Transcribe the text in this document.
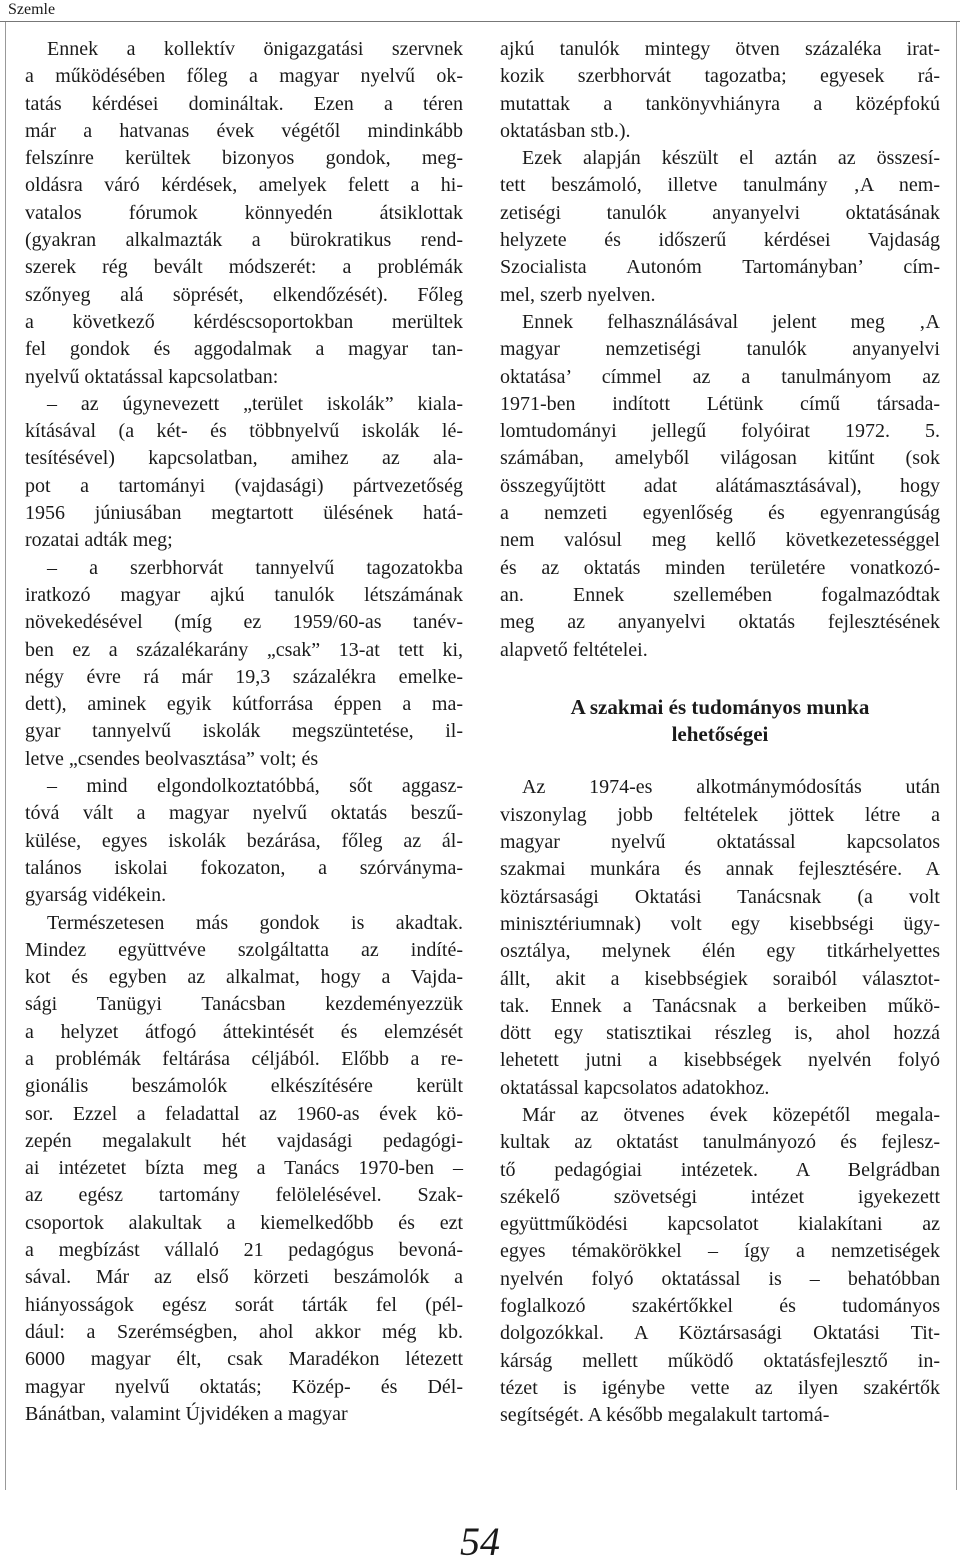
Szemle

Ennek a kollektív önigazgatási szervnek
a működésében főleg a magyar nyelvű ok-
tatás kérdései domináltak. Ezen a téren
már a hatvanas évek végétől mindinkább
felszínre kerültek bizonyos gondok, meg-
oldásra váró kérdések, amelyek felett a hi-
vatalos fórumok könnyedén átsiklottak
(gyakran alkalmazták a bürokratikus rend-
szerek rég bevált módszerét: a problémák
szőnyeg alá söprését, elkendőzését). Főleg
a következő kérdéscsoportokban merültek
fel gondok és aggodalmak a magyar tan-
nyelvű oktatással kapcsolatban:

– az úgynevezett „terület iskolák” kiala-
kításával (a két- és többnyelvű iskolák lé-
tesítésével) kapcsolatban, amihez az ala-
pot a tartományi (vajdasági) pártvezetőség
1956 júniusában megtartott ülésének hatá-
rozatai adták meg;

– a szerbhorvát tannyelvű tagozatokba
iratkozó magyar ajkú tanulók létszámának
növekedésével (míg ez 1959/60-as tanév-
ben ez a százalékarány „csak” 13-at tett ki,
négy évre rá már 19,3 százalékra emelke-
dett), aminek egyik kútforrása éppen a ma-
gyar tannyelvű iskolák megszüntetése, il-
letve „csendes beolvasztása” volt; és

– mind elgondolkoztatóbbá, sőt aggasz-
tóvá vált a magyar nyelvű oktatás beszű-
külése, egyes iskolák bezárása, főleg az ál-
talános iskolai fokozaton, a szórványma-
gyarság vidékein.

Természetesen más gondok is akadtak.
Mindez együttvéve szolgáltatta az indíté-
kot és egyben az alkalmat, hogy a Vajda-
sági Tanügyi Tanácsban kezdeményezzük
a helyzet átfogó áttekintését és elemzését
a problémák feltárása céljából. Előbb a re-
gionális beszámolók elkészítésére került
sor. Ezzel a feladattal az 1960-as évek kö-
zepén megalakult hét vajdasági pedagógi-
ai intézetet bízta meg a Tanács 1970-ben –
az egész tartomány felölelésével. Szak-
csoportok alakultak a kiemelkedőbb és ezt
a megbízást vállaló 21 pedagógus bevoná-
sával. Már az első körzeti beszámolók a
hiányosságok egész sorát tárták fel (pél-
dául: a Szerémségben, ahol akkor még kb.
6000 magyar élt, csak Maradékon létezett
magyar nyelvű oktatás; Közép- és Dél-
Bánátban, valamint Újvidéken a magyar

ajkú tanulók mintegy ötven százaléka irat-
kozik szerbhorvát tagozatba; egyesek rá-
mutattak a tankönyvhiányra a középfokú
oktatásban stb.).

Ezek alapján készült el aztán az összesí-
tett beszámoló, illetve tanulmány ‚A nem-
zetiségi tanulók anyanyelvi oktatásának
helyzete és időszerű kérdései Vajdaság
Szocialista Autonóm Tartományban’ cím-
mel, szerb nyelven.

Ennek felhasználásával jelent meg ‚A
magyar nemzetiségi tanulók anyanyelvi
oktatása’ címmel az a tanulmányom az
1971-ben indított Létünk című társada-
lomtudományi jellegű folyóirat 1972. 5.
számában, amelyből világosan kitűnt (sok
összegyűjtött adat alátámasztásával), hogy
a nemzeti egyenlőség és egyenrangúság
nem valósul meg kellő következetességgel
és az oktatás minden területére vonatkozó-
an. Ennek szellemében fogalmazódtak
meg az anyanyelvi oktatás fejlesztésének
alapvető feltételei.

A szakmai és tudományos munka
lehetőségei

Az 1974-es alkotmánymódosítás után
viszonylag jobb feltételek jöttek létre a
magyar nyelvű oktatással kapcsolatos
szakmai munkára és annak fejlesztésére. A
köztársasági Oktatási Tanácsnak (a volt
minisztériumnak) volt egy kisebbségi ügy-
osztálya, melynek élén egy titkárhelyettes
állt, akit a kisebbségiek soraiból választot-
tak. Ennek a Tanácsnak a berkeiben műkö-
dött egy statisztikai részleg is, ahol hozzá
lehetett jutni a kisebbségek nyelvén folyó
oktatással kapcsolatos adatokhoz.

Már az ötvenes évek közepétől megala-
kultak az oktatást tanulmányozó és fejlesz-
tő pedagógiai intézetek. A Belgrádban
székelő szövetségi intézet igyekezett
együttműködési kapcsolatot kialakítani az
egyes témakörökkel – így a nemzetiségek
nyelvén folyó oktatással is – behatóbban
foglalkozó szakértőkkel és tudományos
dolgozókkal. A Köztársasági Oktatási Tit-
kárság mellett működő oktatásfejlesztő in-
tézet is igénybe vette az ilyen szakértők
segítségét. A később megalakult tartomá-

54
